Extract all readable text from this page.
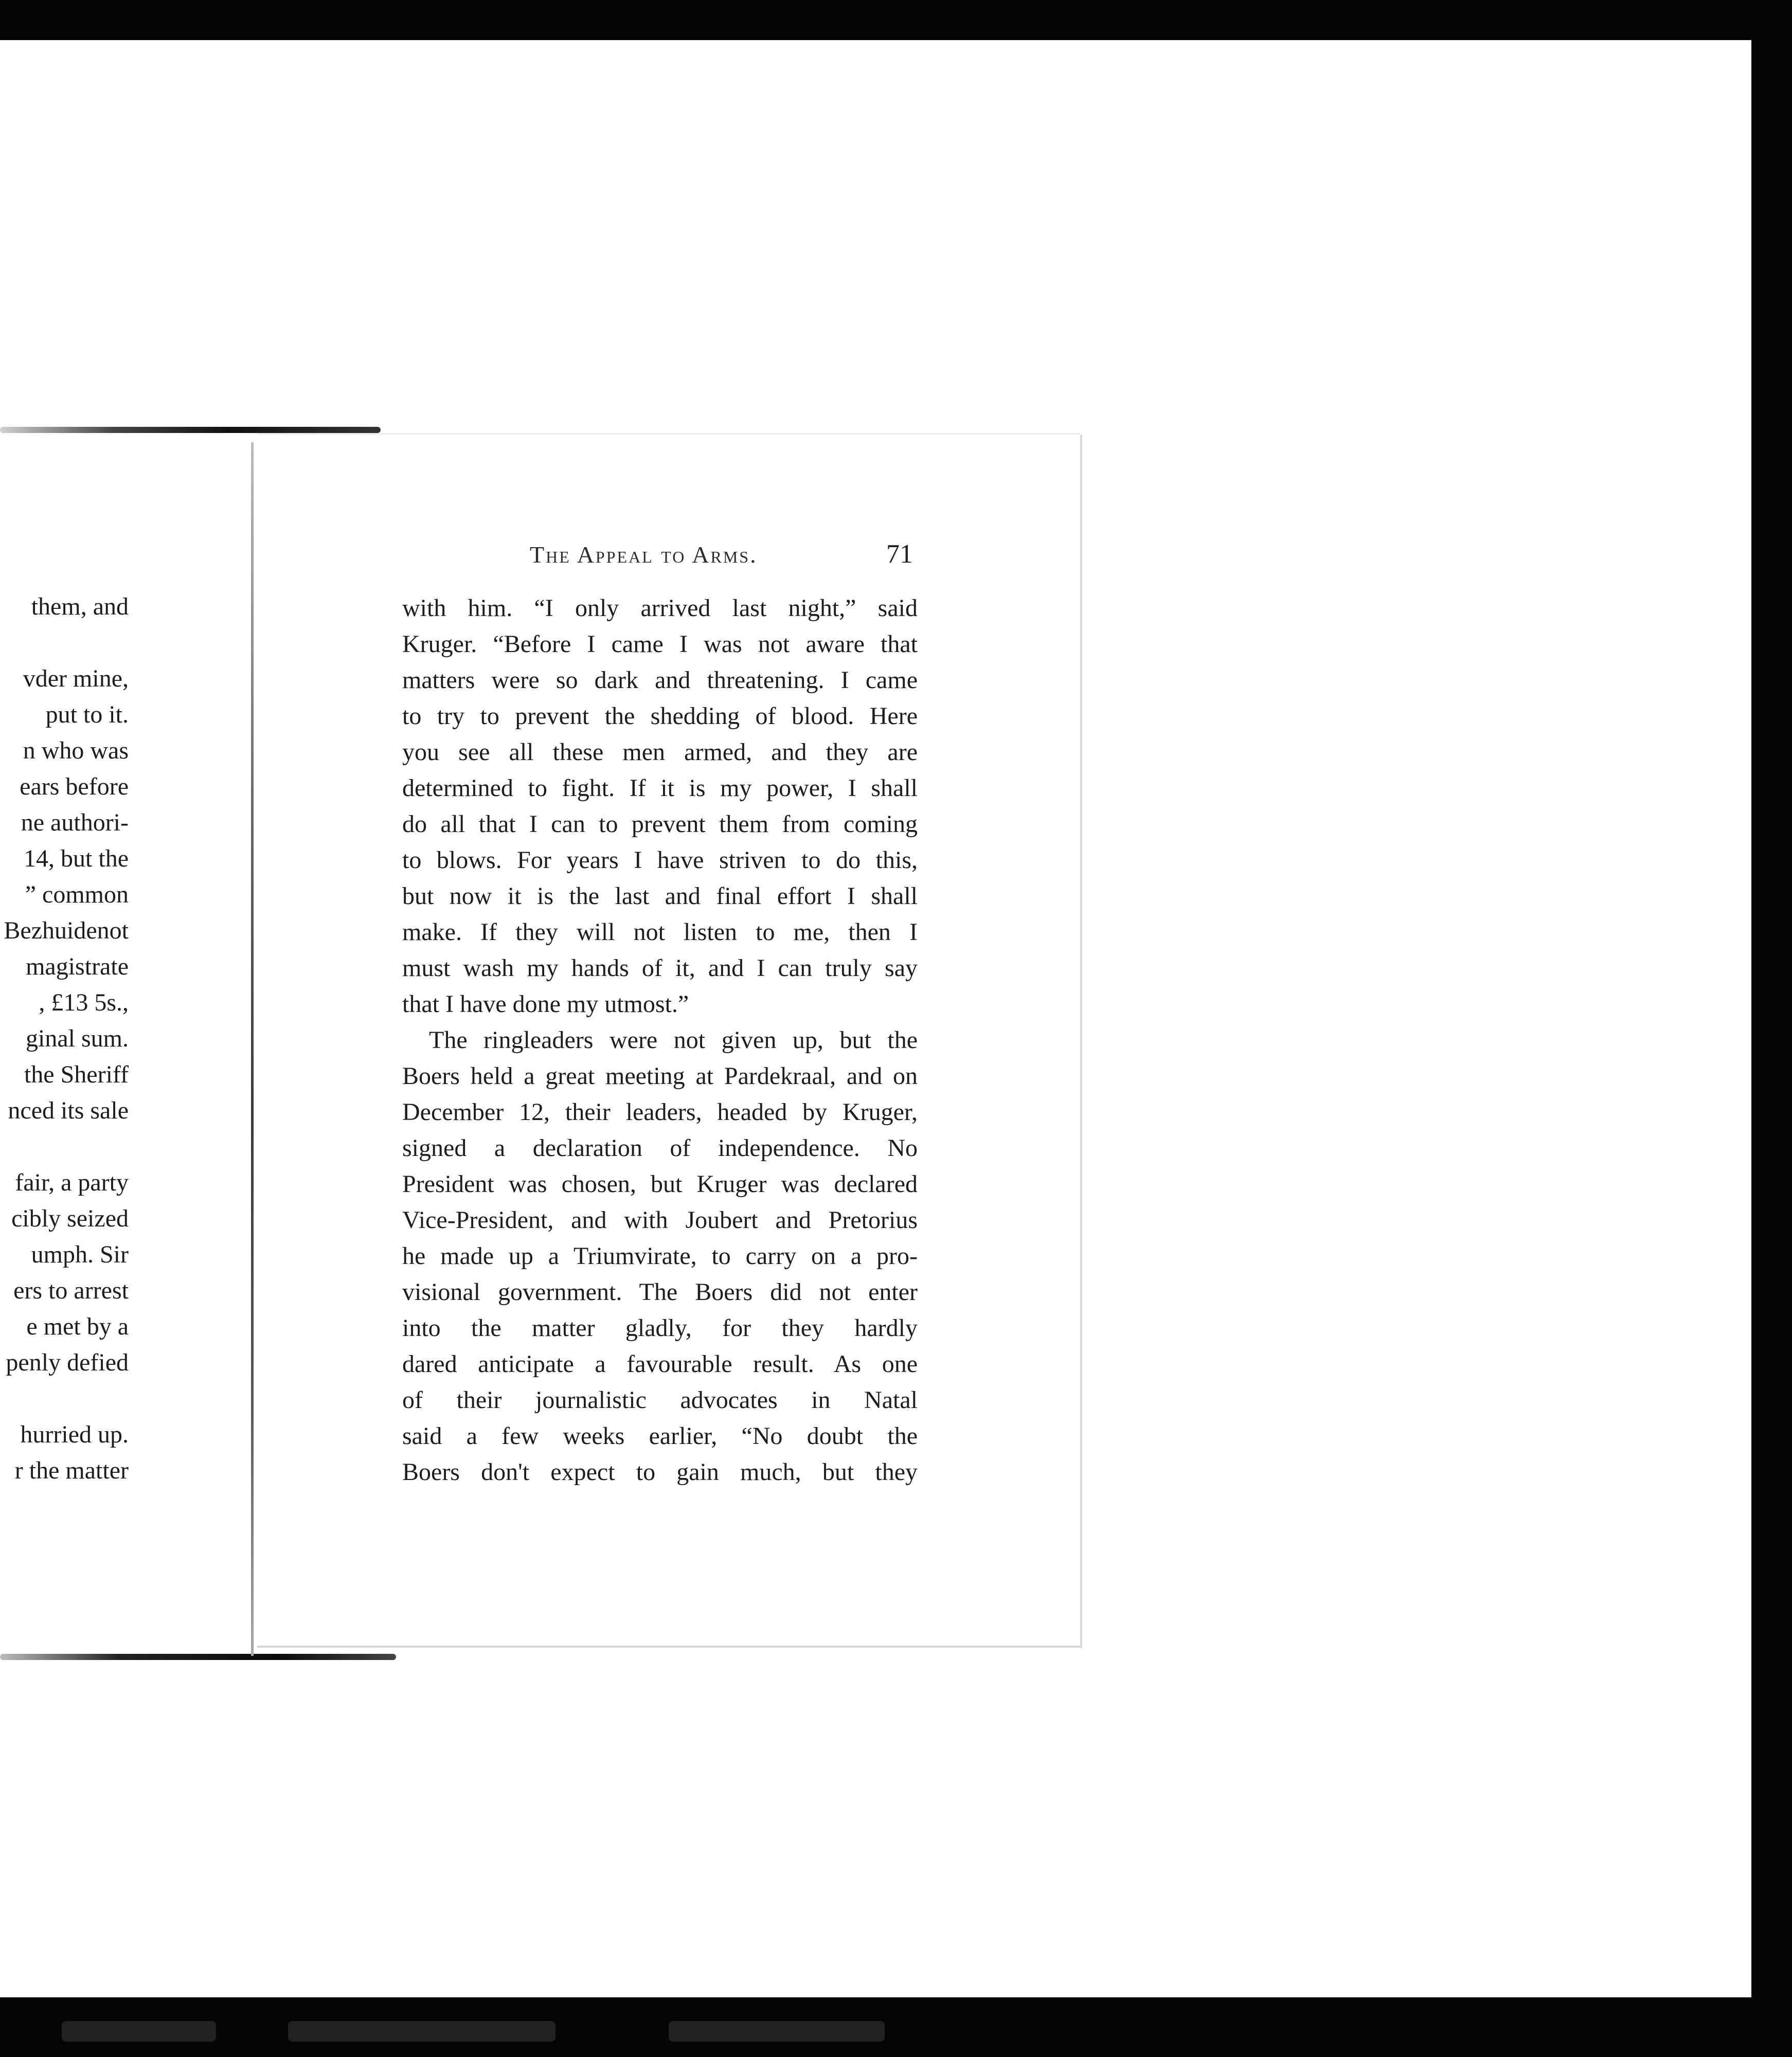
them, and
vder mine,
put to it.
n who was
ears before
ne authori-
14, but the
” common
Bezhuidenot
magistrate
, £13 5s.,
ginal sum.
the Sheriff
nced its sale
fair, a party
cibly seized
umph. Sir
ers to arrest
e met by a
penly defied
hurried up.
r the matter
The Appeal to Arms.	71
with him. “I only arrived last night,” said
Kruger. “Before I came I was not aware that
matters were so dark and threatening. I came
to try to prevent the shedding of blood. Here
you see all these men armed, and they are
determined to fight. If it is my power, I shall
do all that I can to prevent them from coming
to blows. For years I have striven to do this,
but now it is the last and final effort I shall
make. If they will not listen to me, then I
must wash my hands of it, and I can truly say
that I have done my utmost.”
The ringleaders were not given up, but the
Boers held a great meeting at Pardekraal, and on
December 12, their leaders, headed by Kruger,
signed a declaration of independence. No
President was chosen, but Kruger was declared
Vice-President, and with Joubert and Pretorius
he made up a Triumvirate, to carry on a pro-
visional government. The Boers did not enter
into the matter gladly, for they hardly
dared anticipate a favourable result. As one
of their journalistic advocates in Natal
said a few weeks earlier, “No doubt the
Boers don't expect to gain much, but they
